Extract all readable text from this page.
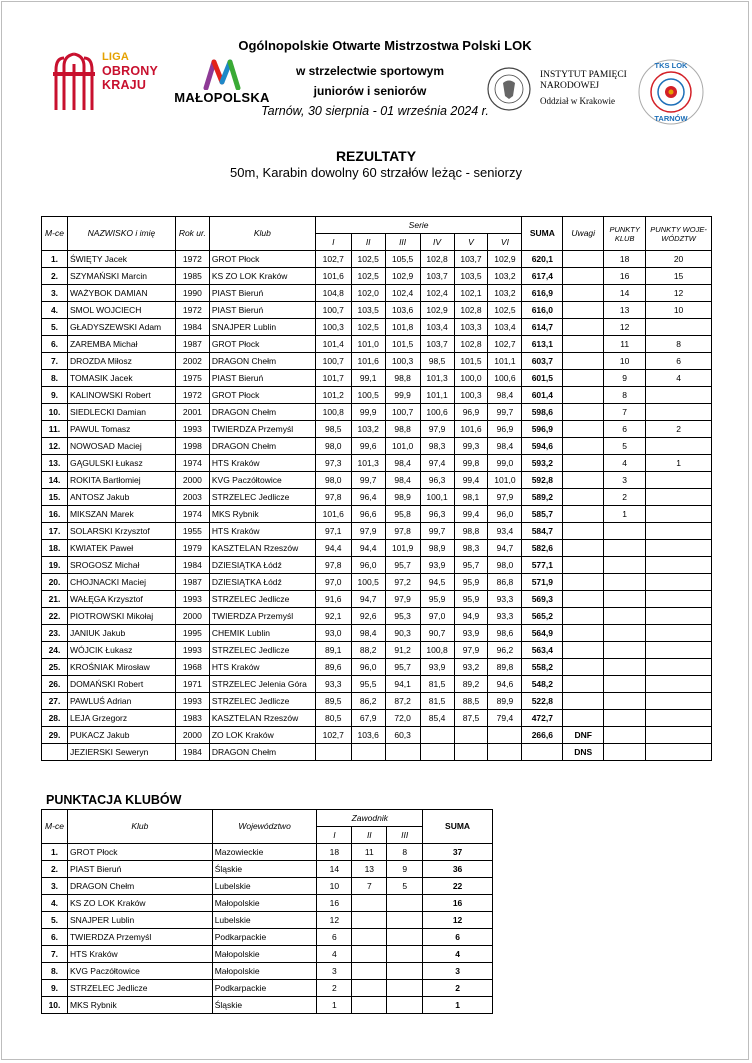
LIGA
OBRONY
KRAJU
MAŁOPOLSKA
Ogólnopolskie Otwarte Mistrzostwa Polski LOK
w strzelectwie sportowym
juniorów i seniorów
Tarnów, 30 sierpnia - 01 września 2024 r.
INSTYTUT PAMIĘCI
NARODOWEJ
Oddział w Krakowie
TKS LOK
TARNÓW
REZULTATY
50m, Karabin dowolny 60 strzałów leżąc - seniorzy
M-ce	NAZWISKO i imię	Rok ur.	Klub	Serie						SUMA	Uwagi	PUNKTY KLUB	PUNKTY WOJE-WÓDZTW
				I	II	III	IV	V	VI				
1.	ŚWIĘTY Jacek	1972	GROT Płock	102,7	102,5	105,5	102,8	103,7	102,9	620,1		18	20
2.	SZYMAŃSKI Marcin	1985	KS ZO LOK Kraków	101,6	102,5	102,9	103,7	103,5	103,2	617,4		16	15
3.	WAŻYBOK DAMIAN	1990	PIAST Bieruń	104,8	102,0	102,4	102,4	102,1	103,2	616,9		14	12
4.	SMOL WOJCIECH	1972	PIAST Bieruń	100,7	103,5	103,6	102,9	102,8	102,5	616,0		13	10
5.	GŁADYSZEWSKI Adam	1984	SNAJPER Lublin	100,3	102,5	101,8	103,4	103,3	103,4	614,7		12	
6.	ZAREMBA Michał	1987	GROT Płock	101,4	101,0	101,5	103,7	102,8	102,7	613,1		11	8
7.	DROZDA Miłosz	2002	DRAGON Chełm	100,7	101,6	100,3	98,5	101,5	101,1	603,7		10	6
8.	TOMASIK Jacek	1975	PIAST Bieruń	101,7	99,1	98,8	101,3	100,0	100,6	601,5		9	4
9.	KALINOWSKI Robert	1972	GROT Płock	101,2	100,5	99,9	101,1	100,3	98,4	601,4		8	
10.	SIEDLECKI Damian	2001	DRAGON Chełm	100,8	99,9	100,7	100,6	96,9	99,7	598,6		7	
11.	PAWUL Tomasz	1993	TWIERDZA Przemyśl	98,5	103,2	98,8	97,9	101,6	96,9	596,9		6	2
12.	NOWOSAD Maciej	1998	DRAGON Chełm	98,0	99,6	101,0	98,3	99,3	98,4	594,6		5	
13.	GĄGULSKI Łukasz	1974	HTS Kraków	97,3	101,3	98,4	97,4	99,8	99,0	593,2		4	1
14.	ROKITA Bartłomiej	2000	KVG Paczółtowice	98,0	99,7	98,4	96,3	99,4	101,0	592,8		3	
15.	ANTOSZ Jakub	2003	STRZELEC Jedlicze	97,8	96,4	98,9	100,1	98,1	97,9	589,2		2	
16.	MIKSZAN Marek	1974	MKS Rybnik	101,6	96,6	95,8	96,3	99,4	96,0	585,7		1	
17.	SOLARSKI Krzysztof	1955	HTS Kraków	97,1	97,9	97,8	99,7	98,8	93,4	584,7			
18.	KWIATEK Paweł	1979	KASZTELAN Rzeszów	94,4	94,4	101,9	98,9	98,3	94,7	582,6			
19.	SROGOSZ Michał	1984	DZIESIĄTKA Łódź	97,8	96,0	95,7	93,9	95,7	98,0	577,1			
20.	CHOJNACKI Maciej	1987	DZIESIĄTKA Łódź	97,0	100,5	97,2	94,5	95,9	86,8	571,9			
21.	WAŁĘGA Krzysztof	1993	STRZELEC Jedlicze	91,6	94,7	97,9	95,9	95,9	93,3	569,3			
22.	PIOTROWSKI Mikołaj	2000	TWIERDZA Przemyśl	92,1	92,6	95,3	97,0	94,9	93,3	565,2			
23.	JANIUK Jakub	1995	CHEMIK Lublin	93,0	98,4	90,3	90,7	93,9	98,6	564,9			
24.	WÓJCIK Łukasz	1993	STRZELEC Jedlicze	89,1	88,2	91,2	100,8	97,9	96,2	563,4			
25.	KROŚNIAK Mirosław	1968	HTS Kraków	89,6	96,0	95,7	93,9	93,2	89,8	558,2			
26.	DOMAŃSKI Robert	1971	STRZELEC Jelenia Góra	93,3	95,5	94,1	81,5	89,2	94,6	548,2			
27.	PAWLUŚ Adrian	1993	STRZELEC Jedlicze	89,5	86,2	87,2	81,5	88,5	89,9	522,8			
28.	LEJA Grzegorz	1983	KASZTELAN Rzeszów	80,5	67,9	72,0	85,4	87,5	79,4	472,7			
29.	PUKACZ Jakub	2000	ZO LOK Kraków	102,7	103,6	60,3				266,6	DNF		
	JEZIERSKI Seweryn	1984	DRAGON Chełm								DNS		
PUNKTACJA KLUBÓW
M-ce	Klub	Województwo	Zawodnik			SUMA
			I	II	III	
1.	GROT Płock	Mazowieckie	18	11	8	37
2.	PIAST Bieruń	Śląskie	14	13	9	36
3.	DRAGON Chełm	Lubelskie	10	7	5	22
4.	KS ZO LOK Kraków	Małopolskie	16			16
5.	SNAJPER Lublin	Lubelskie	12			12
6.	TWIERDZA Przemyśl	Podkarpackie	6			6
7.	HTS Kraków	Małopolskie	4			4
8.	KVG Paczółtowice	Małopolskie	3			3
9.	STRZELEC Jedlicze	Podkarpackie	2			2
10.	MKS Rybnik	Śląskie	1			1
